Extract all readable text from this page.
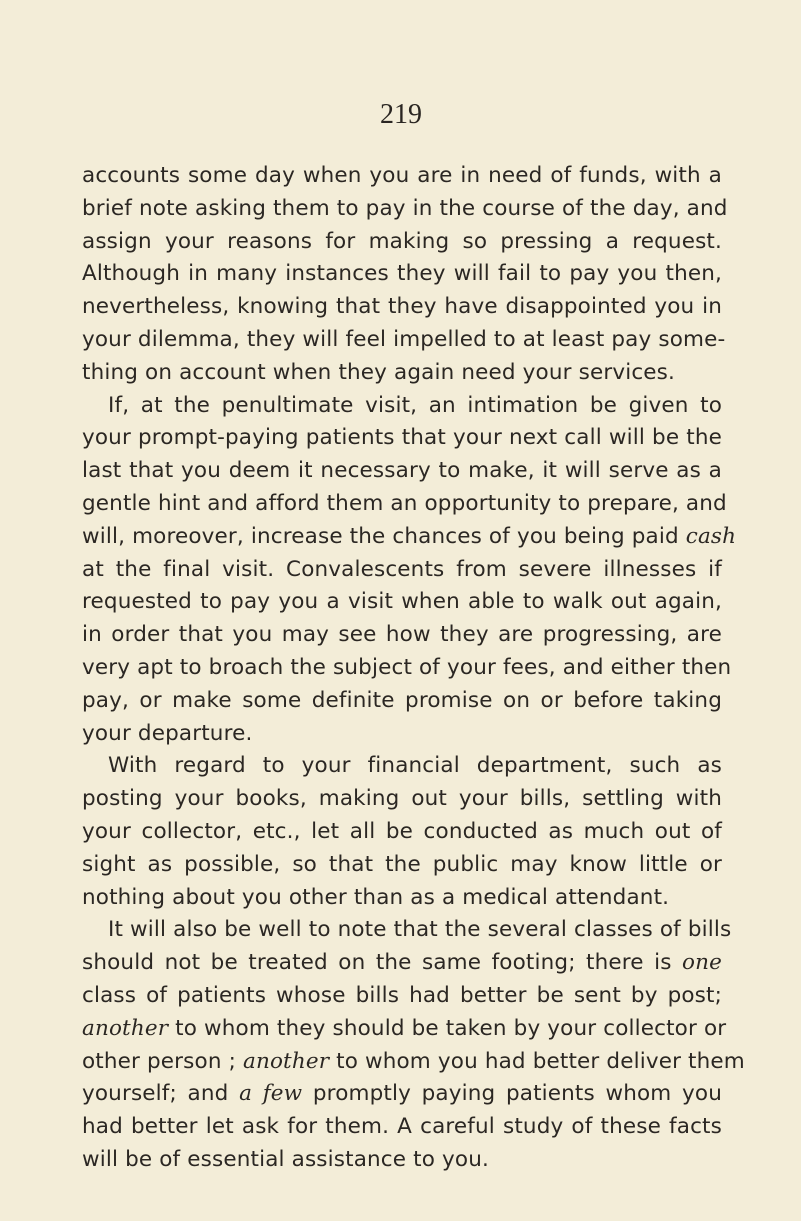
219
accounts some day when you are in need of funds, with a
brief note asking them to pay in the course of the day, and
assign your reasons for making so pressing a request.
Although in many instances they will fail to pay you then,
nevertheless, knowing that they have disappointed you in
your dilemma, they will feel impelled to at least pay some-
thing on account when they again need your services.
If, at the penultimate visit, an intimation be given to
your prompt-paying patients that your next call will be the
last that you deem it necessary to make, it will serve as a
gentle hint and afford them an opportunity to prepare, and
will, moreover, increase the chances of you being paid cash
at the final visit. Convalescents from severe illnesses if
requested to pay you a visit when able to walk out again,
in order that you may see how they are progressing, are
very apt to broach the subject of your fees, and either then
pay, or make some definite promise on or before taking
your departure.
With regard to your financial department, such as
posting your books, making out your bills, settling with
your collector, etc., let all be conducted as much out of
sight as possible, so that the public may know little or
nothing about you other than as a medical attendant.
It will also be well to note that the several classes of bills
should not be treated on the same footing; there is one
class of patients whose bills had better be sent by post;
another to whom they should be taken by your collector or
other person ; another to whom you had better deliver them
yourself; and a few promptly paying patients whom you
had better let ask for them. A careful study of these facts
will be of essential assistance to you.
